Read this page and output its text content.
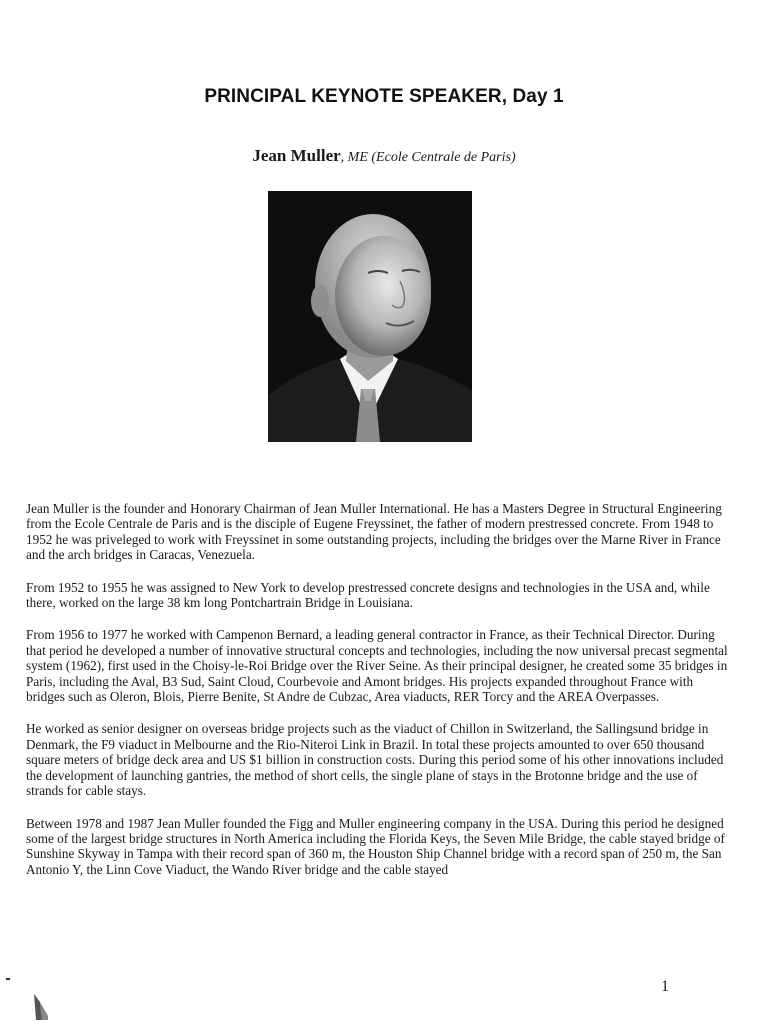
PRINCIPAL KEYNOTE SPEAKER, Day 1
Jean Muller, ME (Ecole Centrale de Paris)

Jean Muller is the founder and Honorary Chairman of Jean Muller International. He has a Masters Degree in Structural Engineering from the Ecole Centrale de Paris and is the disciple of Eugene Freyssinet, the father of modern prestressed concrete. From 1948 to 1952 he was priveleged to work with Freyssinet in some outstanding projects, including the bridges over the Marne River in France and the arch bridges in Caracas, Venezuela.

From 1952 to 1955 he was assigned to New York to develop prestressed concrete designs and technologies in the USA and, while there, worked on the large 38 km long Pontchartrain Bridge in Louisiana.

From 1956 to 1977 he worked with Campenon Bernard, a leading general contractor in France, as their Technical Director. During that period he developed a number of innovative structural concepts and technologies, including the now universal precast segmental system (1962), first used in the Choisy-le-Roi Bridge over the River Seine. As their principal designer, he created some 35 bridges in Paris, including the Aval, B3 Sud, Saint Cloud, Courbevoie and Amont bridges. His projects expanded throughout France with bridges such as Oleron, Blois, Pierre Benite, St Andre de Cubzac, Area viaducts, RER Torcy and the AREA Overpasses.

He worked as senior designer on overseas bridge projects such as the viaduct of Chillon in Switzerland, the Sallingsund bridge in Denmark, the F9 viaduct in Melbourne and the Rio-Niteroi Link in Brazil. In total these projects amounted to over 650 thousand square meters of bridge deck area and US $1 billion in construction costs. During this period some of his other innovations included the development of launching gantries, the method of short cells, the single plane of stays in the Brotonne bridge and the use of strands for cable stays.

Between 1978 and 1987 Jean Muller founded the Figg and Muller engineering company in the USA. During this period he designed some of the largest bridge structures in North America including the Florida Keys, the Seven Mile Bridge, the cable stayed bridge of Sunshine Skyway in Tampa with their record span of 360 m, the Houston Ship Channel bridge with a record span of 250 m, the San Antonio Y, the Linn Cove Viaduct, the Wando River bridge and the cable stayed

1
